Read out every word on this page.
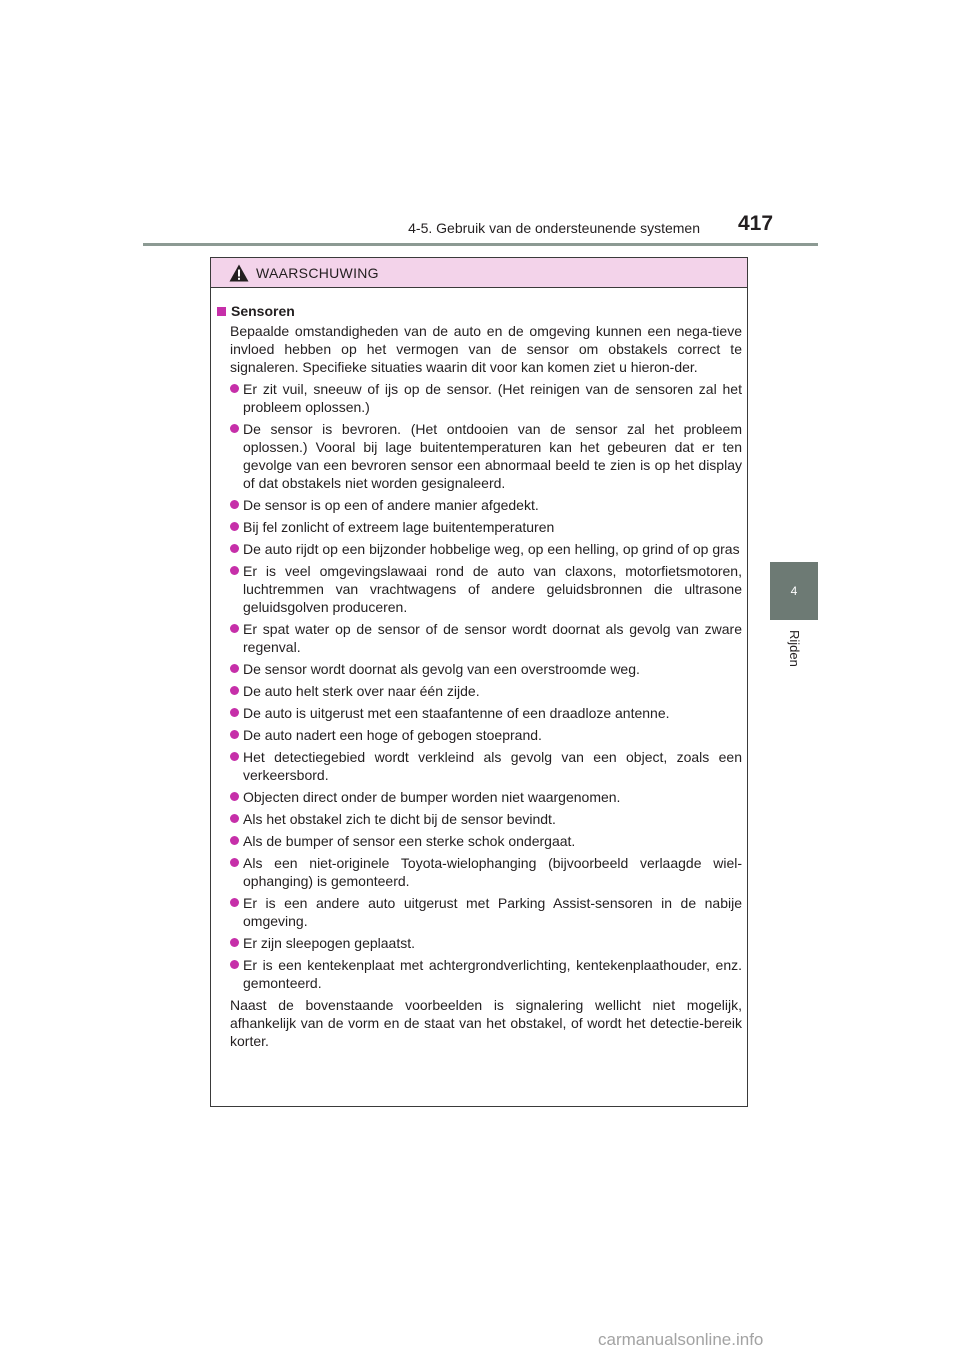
4-5. Gebruik van de ondersteunende systemen 417
4
Rijden
WAARSCHUWING
Sensoren
Bepaalde omstandigheden van de auto en de omgeving kunnen een nega-tieve invloed hebben op het vermogen van de sensor om obstakels correct te signaleren. Specifieke situaties waarin dit voor kan komen ziet u hieron-der.
Er zit vuil, sneeuw of ijs op de sensor. (Het reinigen van de sensoren zal het probleem oplossen.)
De sensor is bevroren. (Het ontdooien van de sensor zal het probleem oplossen.) Vooral bij lage buitentemperaturen kan het gebeuren dat er ten gevolge van een bevroren sensor een abnormaal beeld te zien is op het display of dat obstakels niet worden gesignaleerd.
De sensor is op een of andere manier afgedekt.
Bij fel zonlicht of extreem lage buitentemperaturen
De auto rijdt op een bijzonder hobbelige weg, op een helling, op grind of op gras
Er is veel omgevingslawaai rond de auto van claxons, motorfietsmotoren, luchtremmen van vrachtwagens of andere geluidsbronnen die ultrasone geluidsgolven produceren.
Er spat water op de sensor of de sensor wordt doornat als gevolg van zware regenval.
De sensor wordt doornat als gevolg van een overstroomde weg.
De auto helt sterk over naar één zijde.
De auto is uitgerust met een staafantenne of een draadloze antenne.
De auto nadert een hoge of gebogen stoeprand.
Het detectiegebied wordt verkleind als gevolg van een object, zoals een verkeersbord.
Objecten direct onder de bumper worden niet waargenomen.
Als het obstakel zich te dicht bij de sensor bevindt.
Als de bumper of sensor een sterke schok ondergaat.
Als een niet-originele Toyota-wielophanging (bijvoorbeeld verlaagde wiel-ophanging) is gemonteerd.
Er is een andere auto uitgerust met Parking Assist-sensoren in de nabije omgeving.
Er zijn sleepogen geplaatst.
Er is een kentekenplaat met achtergrondverlichting, kentekenplaathouder, enz. gemonteerd.
Naast de bovenstaande voorbeelden is signalering wellicht niet mogelijk, afhankelijk van de vorm en de staat van het obstakel, of wordt het detectie-bereik korter.
carmanualsonline.info
